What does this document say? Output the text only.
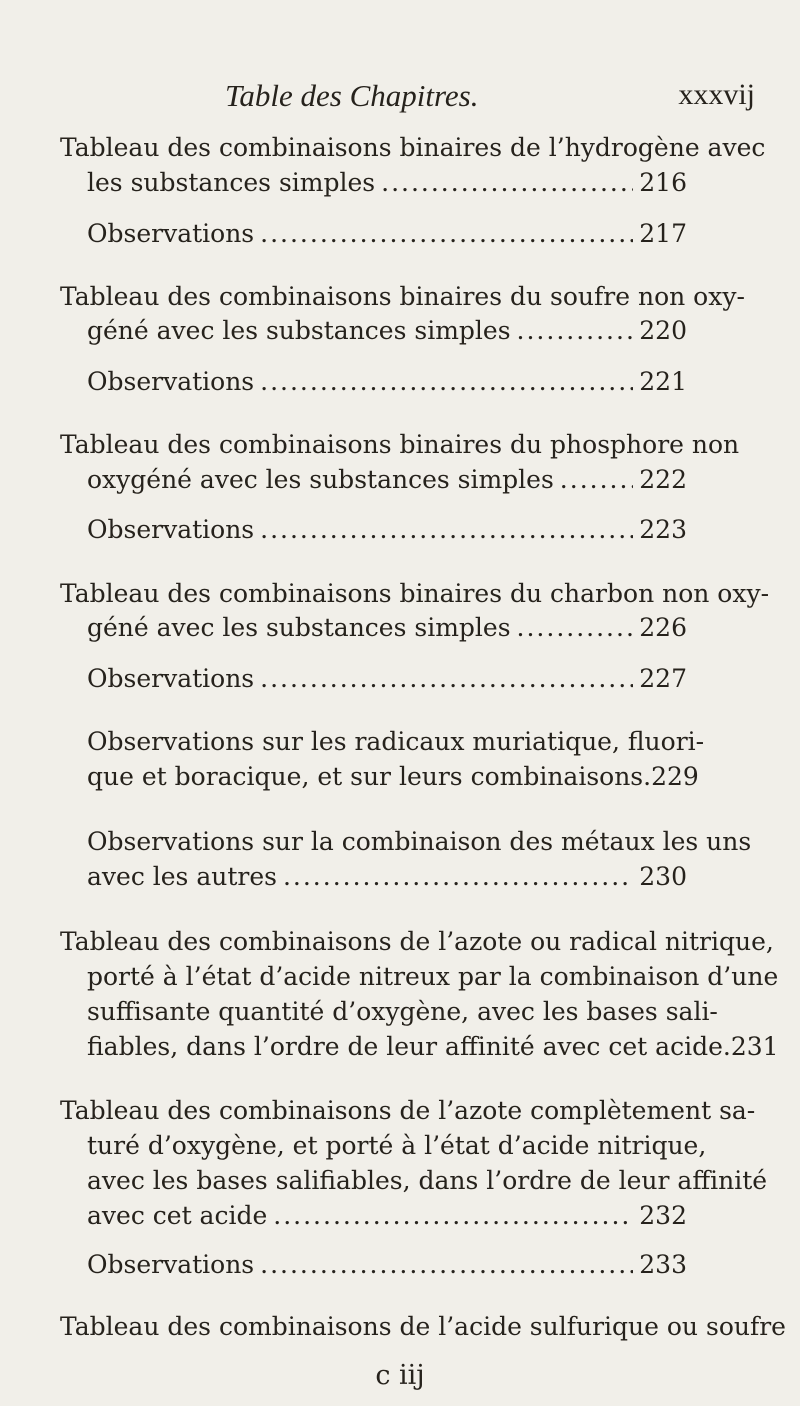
Table des Chapitres.	xxxvij
Tableau des combinaisons binaires de l’hydrogène avec
les substances simples .....	216
Observations .....	217
Tableau des combinaisons binaires du soufre non oxy-
géné avec les substances simples .....	220
Observations .....	221
Tableau des combinaisons binaires du phosphore non
oxygéné avec les substances simples .....	222
Observations .....	223
Tableau des combinaisons binaires du charbon non oxy-
géné avec les substances simples .....	226
Observations .....	227
Observations sur les radicaux muriatique, fluori-
que et boracique, et sur leurs combinaisons. 229
Observations sur la combinaison des métaux les uns
avec les autres .....	230
Tableau des combinaisons de l’azote ou radical nitrique,
porté à l’état d’acide nitreux par la combinaison d’une
suffisante quantité d’oxygène, avec les bases sali-
fiables, dans l’ordre de leur affinité avec cet acide. 231
Tableau des combinaisons de l’azote complètement sa-
turé d’oxygène, et porté à l’état d’acide nitrique,
avec les bases salifiables, dans l’ordre de leur affinité
avec cet acide .....	232
Observations .....	233
Tableau des combinaisons de l’acide sulfurique ou soufre
c iij
